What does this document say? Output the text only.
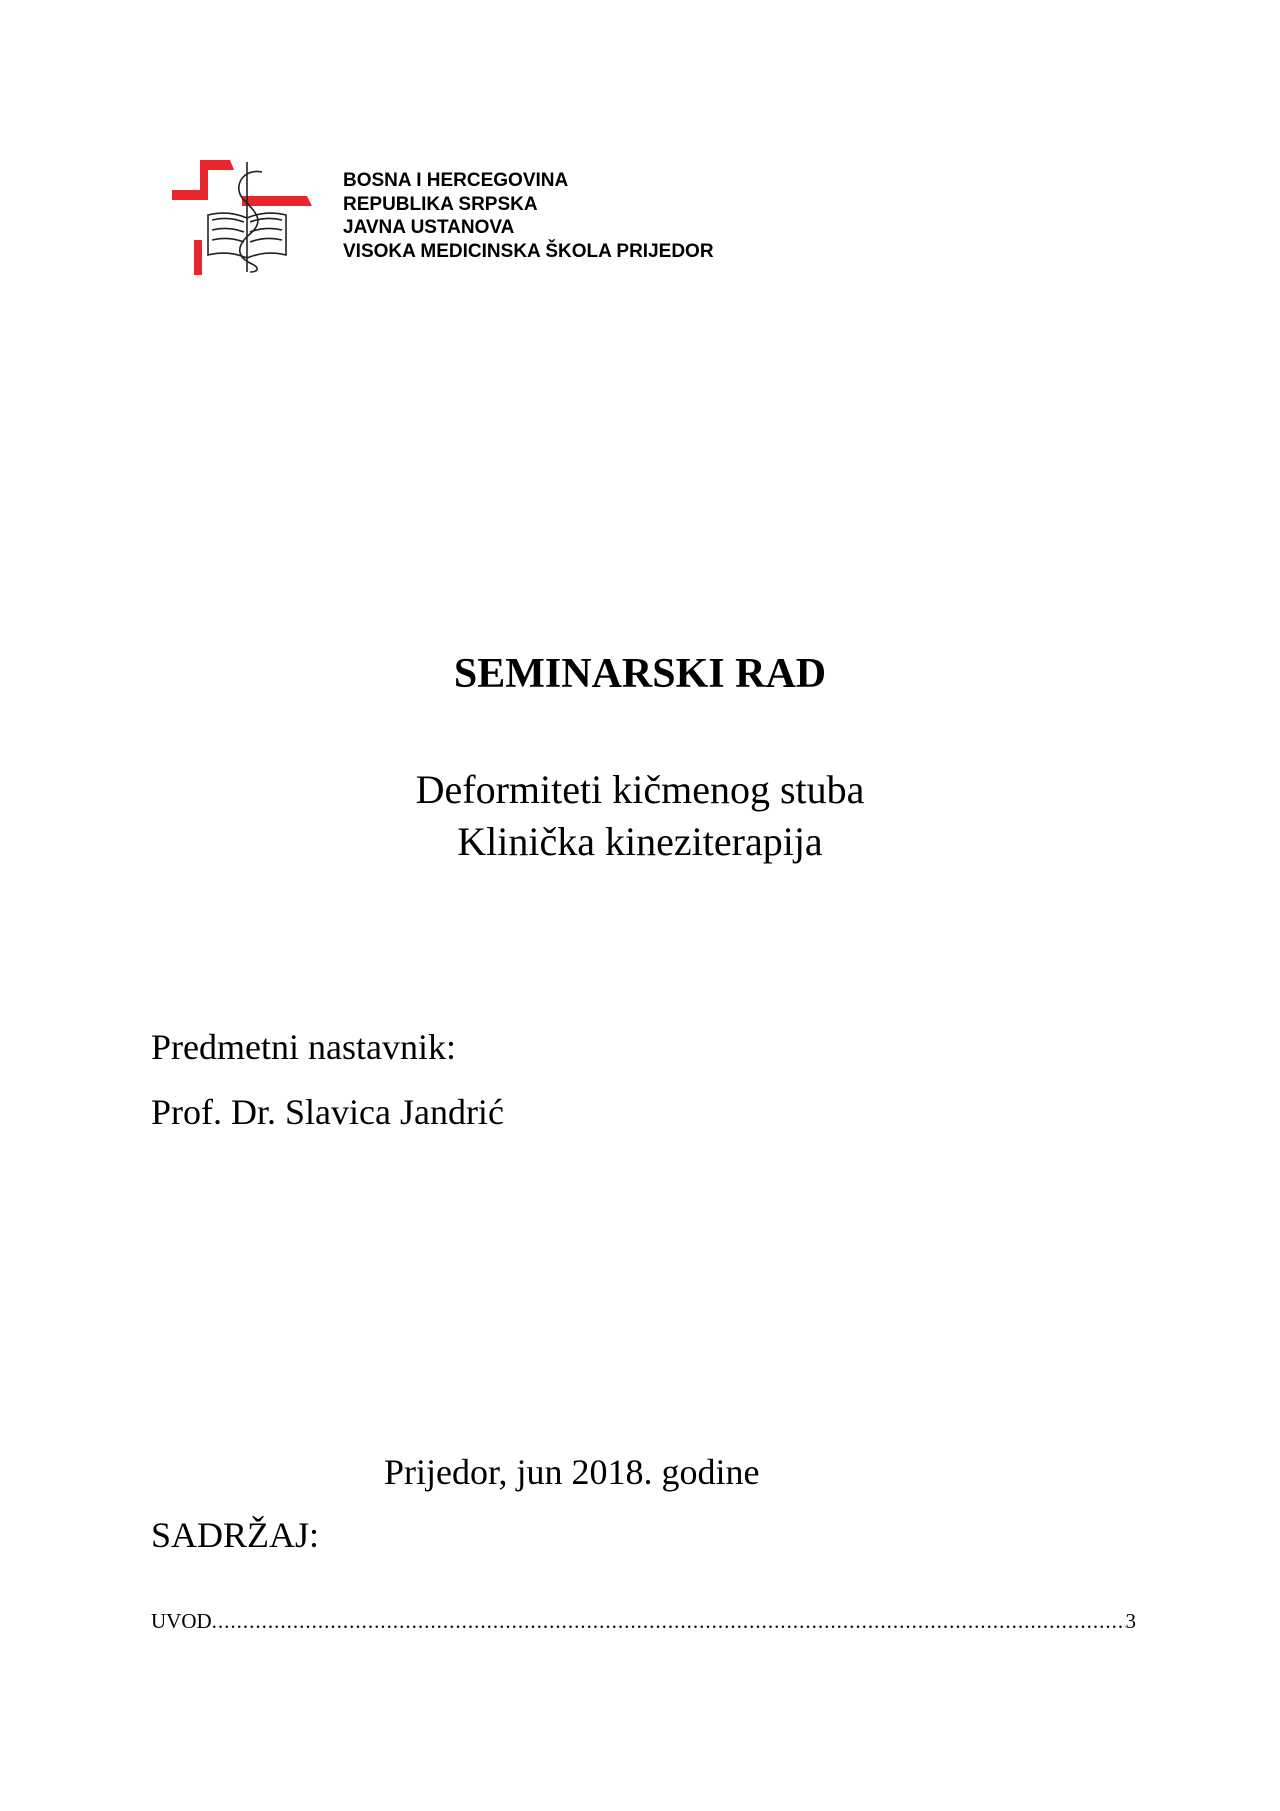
BOSNA I HERCEGOVINA
REPUBLIKA SRPSKA
JAVNA USTANOVA
VISOKA MEDICINSKA ŠKOLA PRIJEDOR
SEMINARSKI RAD
Deformiteti kičmenog stuba
Klinička kineziterapija
Predmetni nastavnik:
Prof. Dr. Slavica Jandrić
Prijedor, jun 2018. godine
SADRŽAJ:
UVOD .....	3
